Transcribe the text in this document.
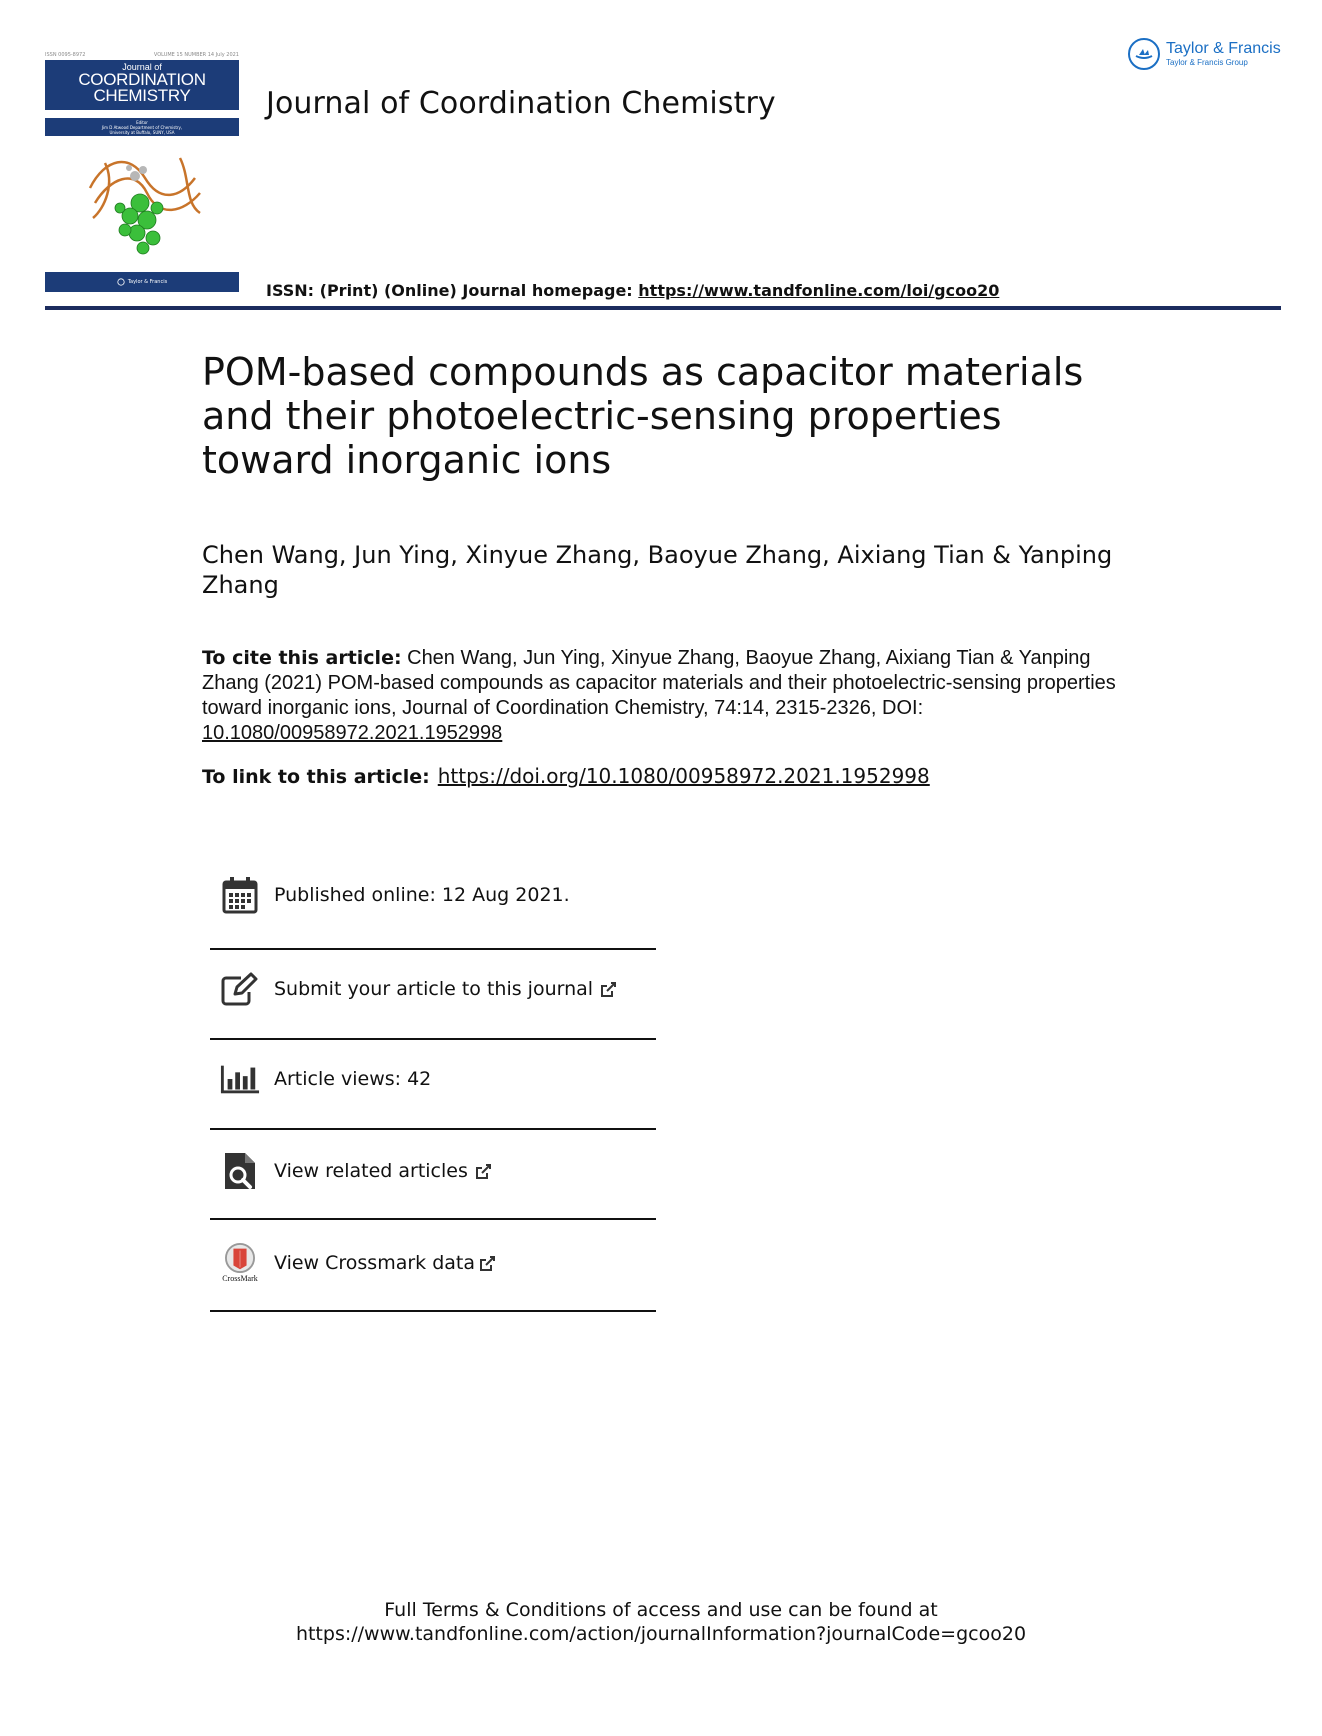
ISSN 0095-8972	VOLUME 15 NUMBER 14 July 2021
Journal of
COORDINATION
CHEMISTRY
Editor
Jim D Atwood Department of Chemistry,
University at Buffalo, SUNY, USA
Taylor & Francis
Journal of Coordination Chemistry
ISSN: (Print) (Online) Journal homepage: https://www.tandfonline.com/loi/gcoo20
Taylor & Francis
Taylor & Francis Group
POM-based compounds as capacitor materials and their photoelectric-sensing properties toward inorganic ions
Chen Wang, Jun Ying, Xinyue Zhang, Baoyue Zhang, Aixiang Tian & Yanping Zhang
To cite this article: Chen Wang, Jun Ying, Xinyue Zhang, Baoyue Zhang, Aixiang Tian & Yanping Zhang (2021) POM-based compounds as capacitor materials and their photoelectric-sensing properties toward inorganic ions, Journal of Coordination Chemistry, 74:14, 2315-2326, DOI: 10.1080/00958972.2021.1952998
To link to this article: https://doi.org/10.1080/00958972.2021.1952998
Published online: 12 Aug 2021.
Submit your article to this journal
Article views: 42
View related articles
CrossMark
View Crossmark data
Full Terms & Conditions of access and use can be found at
https://www.tandfonline.com/action/journalInformation?journalCode=gcoo20
